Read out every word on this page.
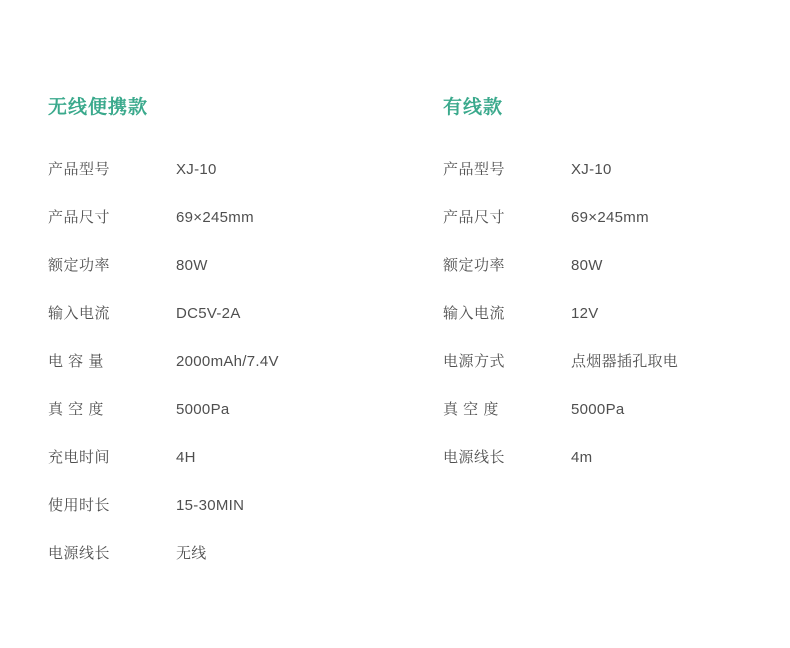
无线便携款
产品型号	XJ-10
产品尺寸	69×245mm
额定功率	80W
输入电流	DC5V-2A
电 容 量	2000mAh/7.4V
真 空 度	5000Pa
充电时间	4H
使用时长	15-30MIN
电源线长	无线
有线款
产品型号	XJ-10
产品尺寸	69×245mm
额定功率	80W
输入电流	12V
电源方式	点烟器插孔取电
真 空 度	5000Pa
电源线长	4m
